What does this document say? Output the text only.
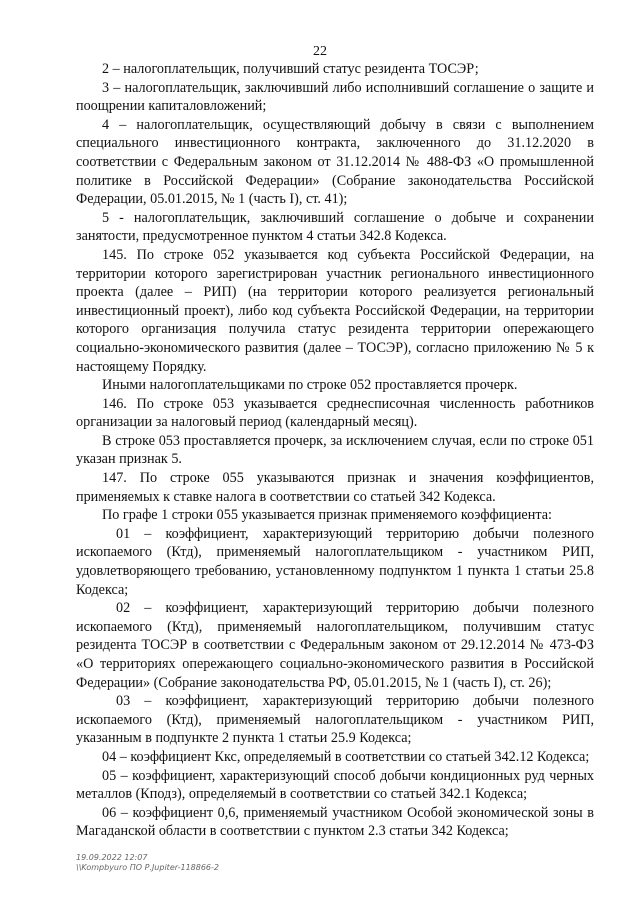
22

2 – налогоплательщик, получивший статус резидента ТОСЭР;

3 – налогоплательщик, заключивший либо исполнивший соглашение о защите и поощрении капиталовложений;

4 – налогоплательщик, осуществляющий добычу в связи с выполнением специального инвестиционного контракта, заключенного до 31.12.2020 в соответствии с Федеральным законом от 31.12.2014 № 488-ФЗ «О промышленной политике в Российской Федерации» (Собрание законодательства Российской Федерации, 05.01.2015, № 1 (часть I), ст. 41);

5 - налогоплательщик, заключивший соглашение о добыче и сохранении занятости, предусмотренное пунктом 4 статьи 342.8 Кодекса.

145. По строке 052 указывается код субъекта Российской Федерации, на территории которого зарегистрирован участник регионального инвестиционного проекта (далее – РИП) (на территории которого реализуется региональный инвестиционный проект), либо код субъекта Российской Федерации, на территории которого организация получила статус резидента территории опережающего социально-экономического развития (далее – ТОСЭР), согласно приложению № 5 к настоящему Порядку.

Иными налогоплательщиками по строке 052 проставляется прочерк.

146. По строке 053 указывается среднесписочная численность работников организации за налоговый период (календарный месяц).

В строке 053 проставляется прочерк, за исключением случая, если по строке 051 указан признак 5.

147. По строке 055 указываются признак и значения коэффициентов, применяемых к ставке налога в соответствии со статьей 342 Кодекса.

По графе 1 строки 055 указывается признак применяемого коэффициента:

01 – коэффициент, характеризующий территорию добычи полезного ископаемого (Ктд), применяемый налогоплательщиком - участником РИП, удовлетворяющего требованию, установленному подпунктом 1 пункта 1 статьи 25.8 Кодекса;

02 – коэффициент, характеризующий территорию добычи полезного ископаемого (Ктд), применяемый налогоплательщиком, получившим статус резидента ТОСЭР в соответствии с Федеральным законом от 29.12.2014 № 473-ФЗ «О территориях опережающего социально-экономического развития в Российской Федерации» (Собрание законодательства РФ, 05.01.2015, № 1 (часть I), ст. 26);

03 – коэффициент, характеризующий территорию добычи полезного ископаемого (Ктд), применяемый налогоплательщиком - участником РИП, указанным в подпункте 2 пункта 1 статьи 25.9 Кодекса;

04 – коэффициент Ккс, определяемый в соответствии со статьей 342.12 Кодекса;

05 – коэффициент, характеризующий способ добычи кондиционных руд черных металлов (Кподз), определяемый в соответствии со статьей 342.1 Кодекса;

06 – коэффициент 0,6, применяемый участником Особой экономической зоны в Магаданской области в соответствии с пунктом 2.3 статьи 342 Кодекса;

19.09.2022 12:07
\\Kompbyuro ПО Р.Jupiter-118866-2
